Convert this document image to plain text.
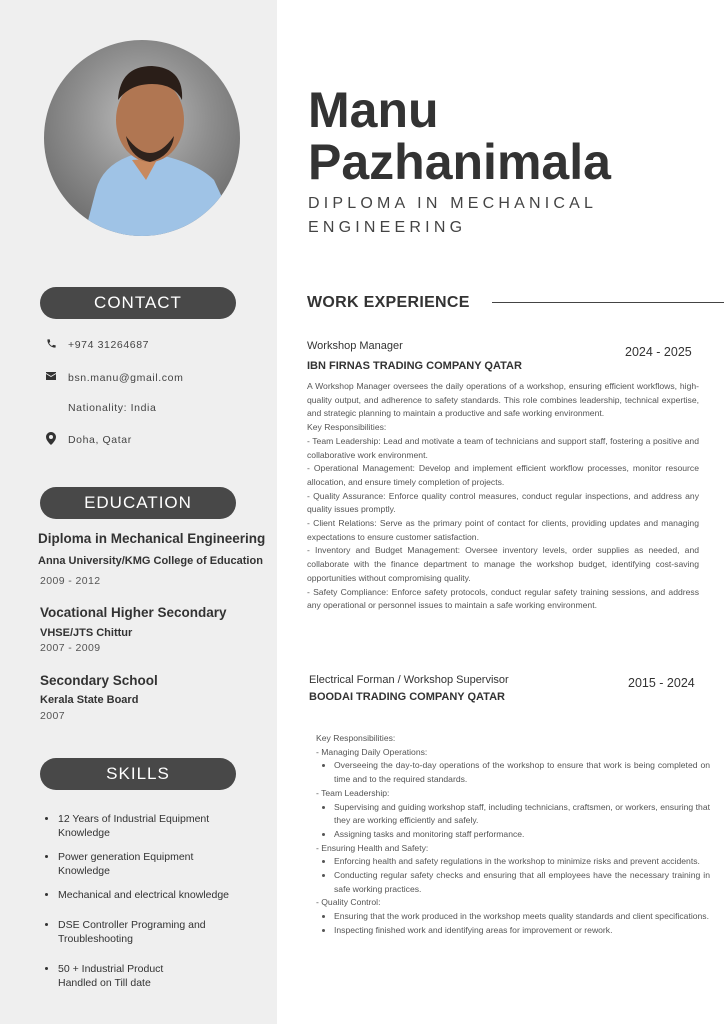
CONTACT
+974 31264687
bsn.manu@gmail.com
Nationality: India
Doha, Qatar
EDUCATION
Diploma in Mechanical Engineering
Anna University/KMG College of Education
2009 - 2012
Vocational Higher Secondary
VHSE/JTS Chittur
2007 - 2009
Secondary School
Kerala State Board
2007
SKILLS
• 12 Years of Industrial Equipment
Knowledge
• Power generation Equipment
Knowledge
• Mechanical and electrical knowledge
• DSE Controller Programing and
Troubleshooting
• 50 + Industrial Product
Handled on Till date
Manu
Pazhanimala
DIPLOMA IN MECHANICAL
ENGINEERING
WORK EXPERIENCE
Workshop Manager	2024 - 2025
IBN FIRNAS TRADING COMPANY QATAR

A Workshop Manager oversees the daily operations of a workshop, ensuring efficient workflows, high-quality output, and adherence to safety standards. This role combines leadership, technical expertise, and strategic planning to maintain a productive and safe working environment.

Key Responsibilities:

- Team Leadership: Lead and motivate a team of technicians and support staff, fostering a positive and collaborative work environment.

- Operational Management: Develop and implement efficient workflow processes, monitor resource allocation, and ensure timely completion of projects.

- Quality Assurance: Enforce quality control measures, conduct regular inspections, and address any quality issues promptly.

- Client Relations: Serve as the primary point of contact for clients, providing updates and managing expectations to ensure customer satisfaction.

- Inventory and Budget Management: Oversee inventory levels, order supplies as needed, and collaborate with the finance department to manage the workshop budget, identifying cost-saving opportunities without compromising quality.

- Safety Compliance: Enforce safety protocols, conduct regular safety training sessions, and address any operational or personnel issues to maintain a safe working environment.

Electrical Forman / Workshop Supervisor	2015 - 2024
BOODAI TRADING COMPANY QATAR

Key Responsibilities:

- Managing Daily Operations:

• Overseeing the day-to-day operations of the workshop to ensure that work is being completed on time and to the required standards.

- Team Leadership:

• Supervising and guiding workshop staff, including technicians, craftsmen, or workers, ensuring that they are working efficiently and safely.
• Assigning tasks and monitoring staff performance.

- Ensuring Health and Safety:

• Enforcing health and safety regulations in the workshop to minimize risks and prevent accidents.
• Conducting regular safety checks and ensuring that all employees have the necessary training in safe working practices.

- Quality Control:

• Ensuring that the work produced in the workshop meets quality standards and client specifications.
• Inspecting finished work and identifying areas for improvement or rework.
